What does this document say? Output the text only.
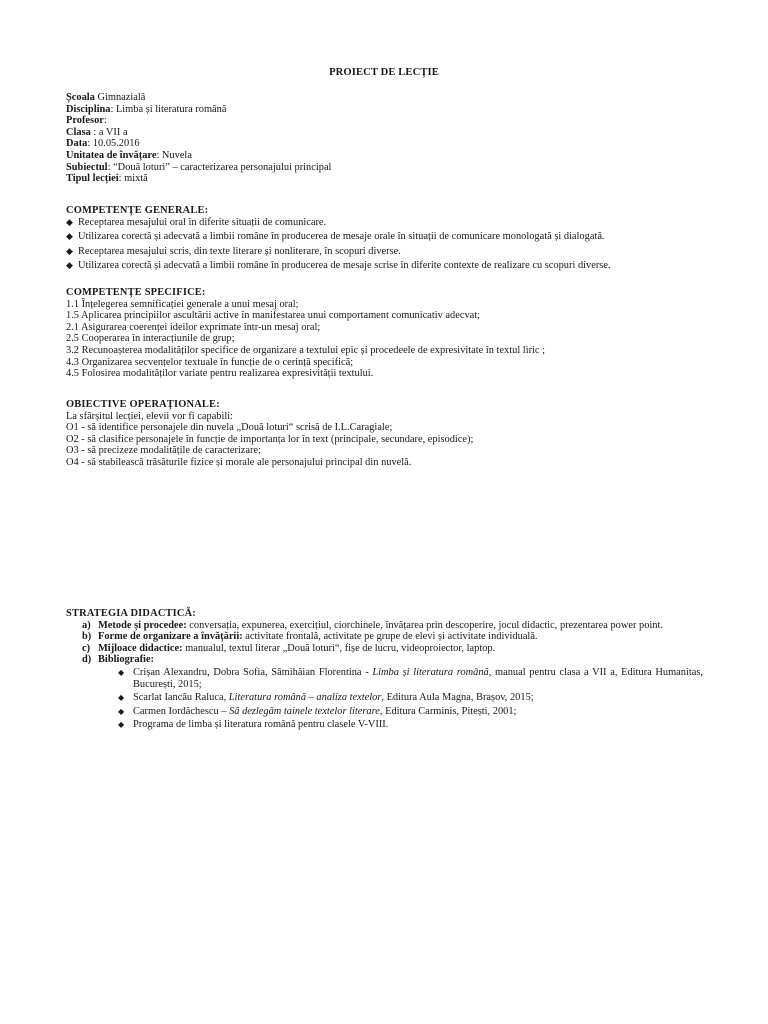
PROIECT DE LECȚIE
Școala Gimnazială
Disciplina: Limba și literatura română
Profesor:
Clasa : a VII a
Data: 10.05.2016
Unitatea de învățare: Nuvela
Subiectul: “Două loturi” – caracterizarea personajului principal
Tipul lecției: mixtă
COMPETENȚE GENERALE:
◆ Receptarea mesajului oral în diferite situații de comunicare.
◆ Utilizarea corectă și adecvată a limbii române în producerea de mesaje orale în situații de comunicare monologată și dialogată.
◆ Receptarea mesajului scris, din texte literare și nonliterare, în scopuri diverse.
◆ Utilizarea corectă și adecvată a limbii române în producerea de mesaje scrise în diferite contexte de realizare cu scopuri diverse.
COMPETENȚE SPECIFICE:
1.1 Înțelegerea semnificației generale a unui mesaj oral;
1.5 Aplicarea principiilor ascultării active în manifestarea unui comportament comunicativ adecvat;
2.1 Asigurarea coerenței ideilor exprimate într-un mesaj oral;
2.5 Cooperarea în interacțiunile de grup;
3.2 Recunoașterea modalităților specifice de organizare a textului epic și procedeele de expresivitate în textul liric ;
4.3 Organizarea secvențelor textuale în funcție de o cerință specifică;
4.5 Folosirea modalităților variate pentru realizarea expresivității textului.
OBIECTIVE OPERAȚIONALE:
La sfârșitul lecției, elevii vor fi capabili:
O1 - să identifice personajele din nuvela „Două loturi“ scrisă de I.L.Caragiale;
O2 - să clasifice personajele în funcție de importanța lor în text (principale, secundare, episodice);
O3 - să precizeze modalitățile de caracterizare;
O4 - să stabilească trăsăturile fizice și morale ale personajului principal din nuvelă.
STRATEGIA DIDACTICĂ:
a) Metode și procedee: conversația, expunerea, exercițiul, ciorchinele, învățarea prin descoperire, jocul didactic, prezentarea power point.
b) Forme de organizare a învățării: activitate frontală, activitate pe grupe de elevi și activitate individuală.
c) Mijloace didactice: manualul, textul literar „Două loturi“, fișe de lucru, videoproiector, laptop.
d) Bibliografie:
◆ Crișan Alexandru, Dobra Sofia, Sâmihăian Florentina - Limba și literatura română, manual pentru clasa a VII a, Editura Humanitas, București, 2015;
◆ Scarlat Iancău Raluca, Literatura română – analiza textelor, Editura Aula Magna, Brașov, 2015;
◆ Carmen Iordăchescu – Să dezlegăm tainele textelor literare, Editura Carminis, Pitești, 2001;
◆ Programa de limba și literatura română pentru clasele V-VIII.
